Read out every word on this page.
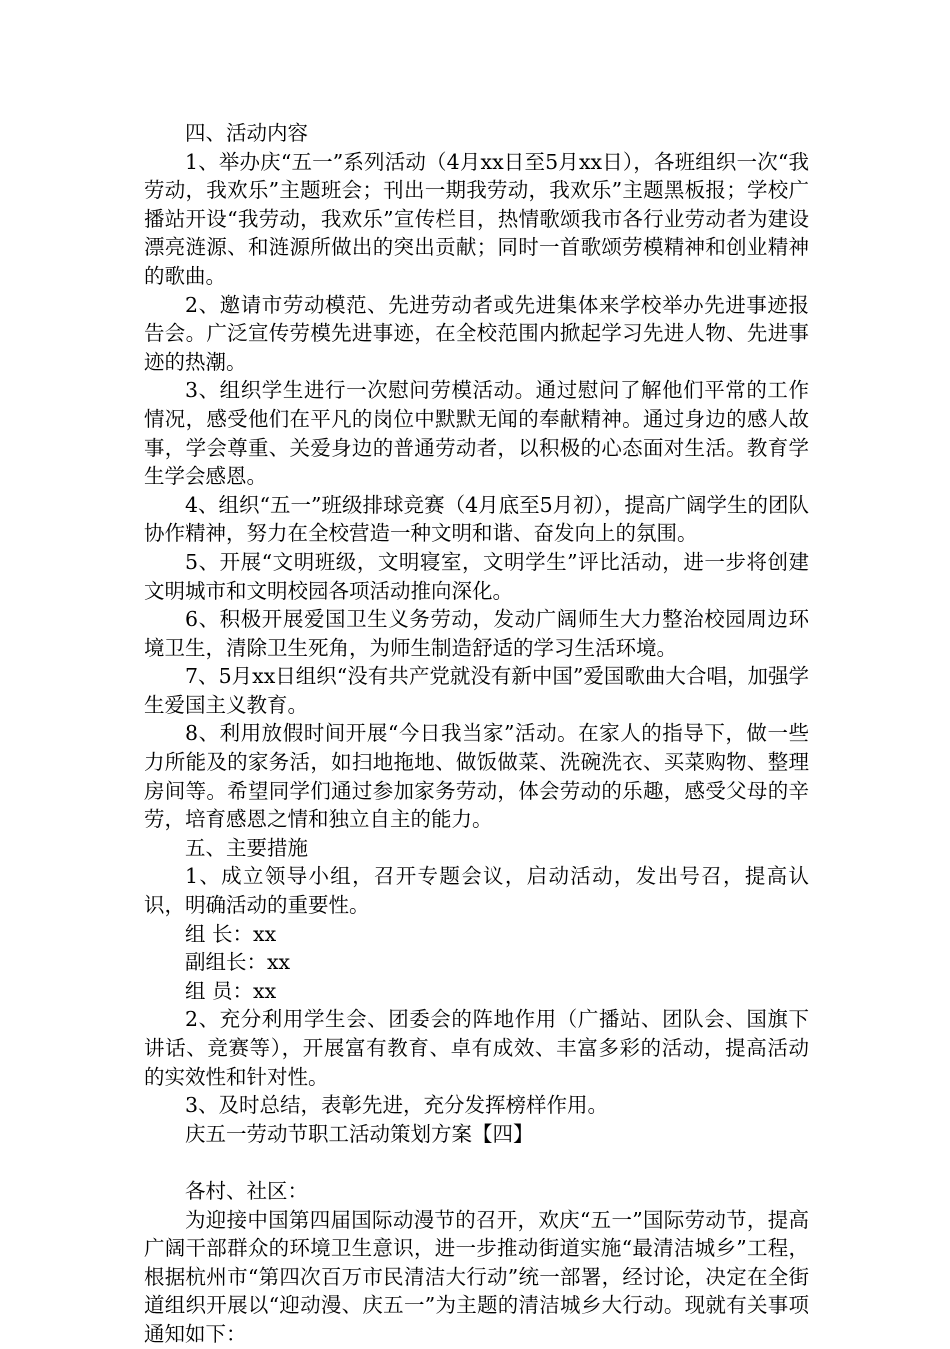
四、活动内容

1、举办庆“五一”系列活动（4月xx日至5月xx日），各班组织一次“我劳动，我欢乐”主题班会；刊出一期我劳动，我欢乐”主题黑板报；学校广播站开设“我劳动，我欢乐”宣传栏目，热情歌颂我市各行业劳动者为建设漂亮涟源、和涟源所做出的突出贡献；同时一首歌颂劳模精神和创业精神的歌曲。

2、邀请市劳动模范、先进劳动者或先进集体来学校举办先进事迹报告会。广泛宣传劳模先进事迹，在全校范围内掀起学习先进人物、先进事迹的热潮。

3、组织学生进行一次慰问劳模活动。通过慰问了解他们平常的工作情况，感受他们在平凡的岗位中默默无闻的奉献精神。通过身边的感人故事，学会尊重、关爱身边的普通劳动者，以积极的心态面对生活。教育学生学会感恩。

4、组织“五一”班级排球竞赛（4月底至5月初），提高广阔学生的团队协作精神，努力在全校营造一种文明和谐、奋发向上的氛围。

5、开展“文明班级，文明寝室，文明学生”评比活动，进一步将创建文明城市和文明校园各项活动推向深化。

6、积极开展爱国卫生义务劳动，发动广阔师生大力整治校园周边环境卫生，清除卫生死角，为师生制造舒适的学习生活环境。

7、5月xx日组织“没有共产党就没有新中国”爱国歌曲大合唱，加强学生爱国主义教育。

8、利用放假时间开展“今日我当家”活动。在家人的指导下，做一些力所能及的家务活，如扫地拖地、做饭做菜、洗碗洗衣、买菜购物、整理房间等。希望同学们通过参加家务劳动，体会劳动的乐趣，感受父母的辛劳，培育感恩之情和独立自主的能力。

五、主要措施

1、成立领导小组，召开专题会议，启动活动，发出号召，提高认识，明确活动的重要性。

组 长：xx

副组长：xx

组 员：xx

2、充分利用学生会、团委会的阵地作用（广播站、团队会、国旗下讲话、竞赛等），开展富有教育、卓有成效、丰富多彩的活动，提高活动的实效性和针对性。

3、及时总结，表彰先进，充分发挥榜样作用。

庆五一劳动节职工活动策划方案【四】

各村、社区：

为迎接中国第四届国际动漫节的召开，欢庆“五一”国际劳动节，提高广阔干部群众的环境卫生意识，进一步推动街道实施“最清洁城乡”工程，根据杭州市“第四次百万市民清洁大行动”统一部署，经讨论，决定在全街道组织开展以“迎动漫、庆五一”为主题的清洁城乡大行动。现就有关事项通知如下：
